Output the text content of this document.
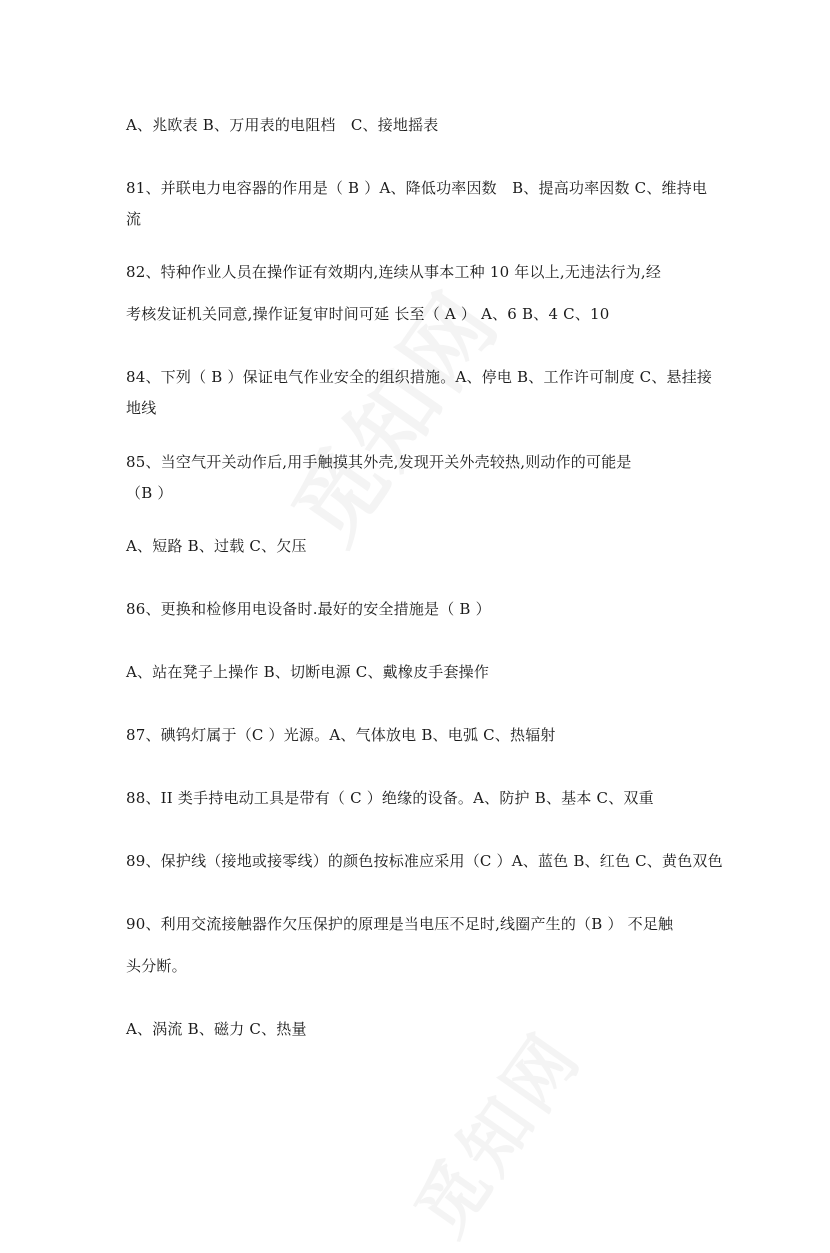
A、兆欧表 B、万用表的电阻档　C、接地摇表
81、并联电力电容器的作用是（ B ）A、降低功率因数　B、提高功率因数 C、维持电
流
82、特种作业人员在操作证有效期内,连续从事本工种 10 年以上,无违法行为,经
考核发证机关同意,操作证复审时间可延 长至（ A ） A、6 B、4 C、10
84、下列（ B ）保证电气作业安全的组织措施。A、停电 B、工作许可制度 C、悬挂接
地线
85、当空气开关动作后,用手触摸其外壳,发现开关外壳较热,则动作的可能是
（B ）
A、短路 B、过载 C、欠压
86、更换和检修用电设备时.最好的安全措施是（ B ）
A、站在凳子上操作 B、切断电源 C、戴橡皮手套操作
87、碘钨灯属于（C ）光源。A、气体放电 B、电弧 C、热辐射
88、II 类手持电动工具是带有（ C ）绝缘的设备。A、防护 B、基本 C、双重
89、保护线（接地或接零线）的颜色按标准应采用（C ）A、蓝色 B、红色 C、黄色双色
90、利用交流接触器作欠压保护的原理是当电压不足时,线圈产生的（B ） 不足触
头分断。
A、涡流 B、磁力 C、热量
